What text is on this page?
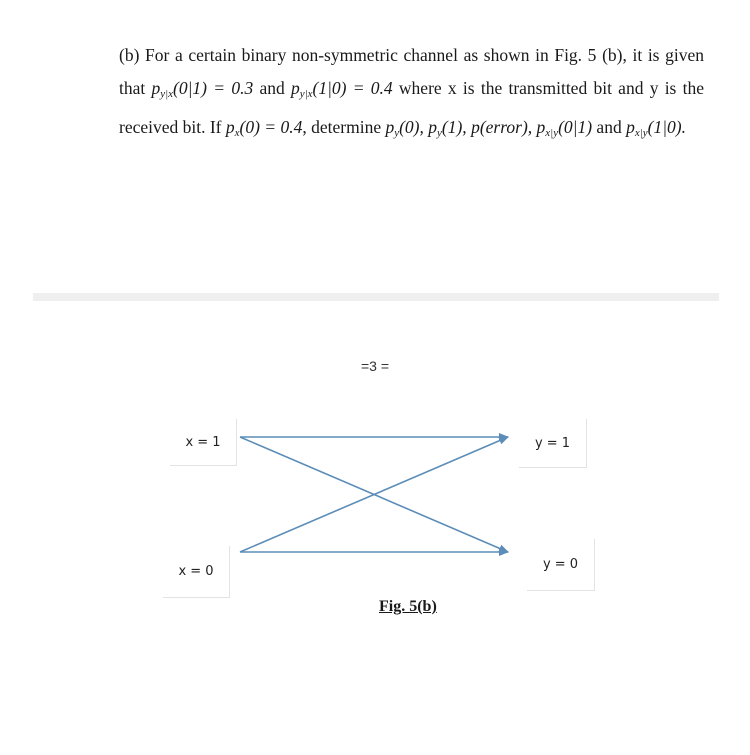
(b) For a certain binary non-symmetric channel as shown in Fig. 5 (b), it is given that $p_{y|x}(0|1) = 0.3$ and $p_{y|x}(1|0) = 0.4$ where x is the transmitted bit and y is the received bit. If $p_x(0) = 0.4$, determine $p_y(0)$, $p_y(1)$, p(error), $p_{x|y}(0|1)$ and $p_{x|y}(1|0)$.

=3 =
x = 1
x = 0
y = 1
y = 0
Fig. 5(b)
